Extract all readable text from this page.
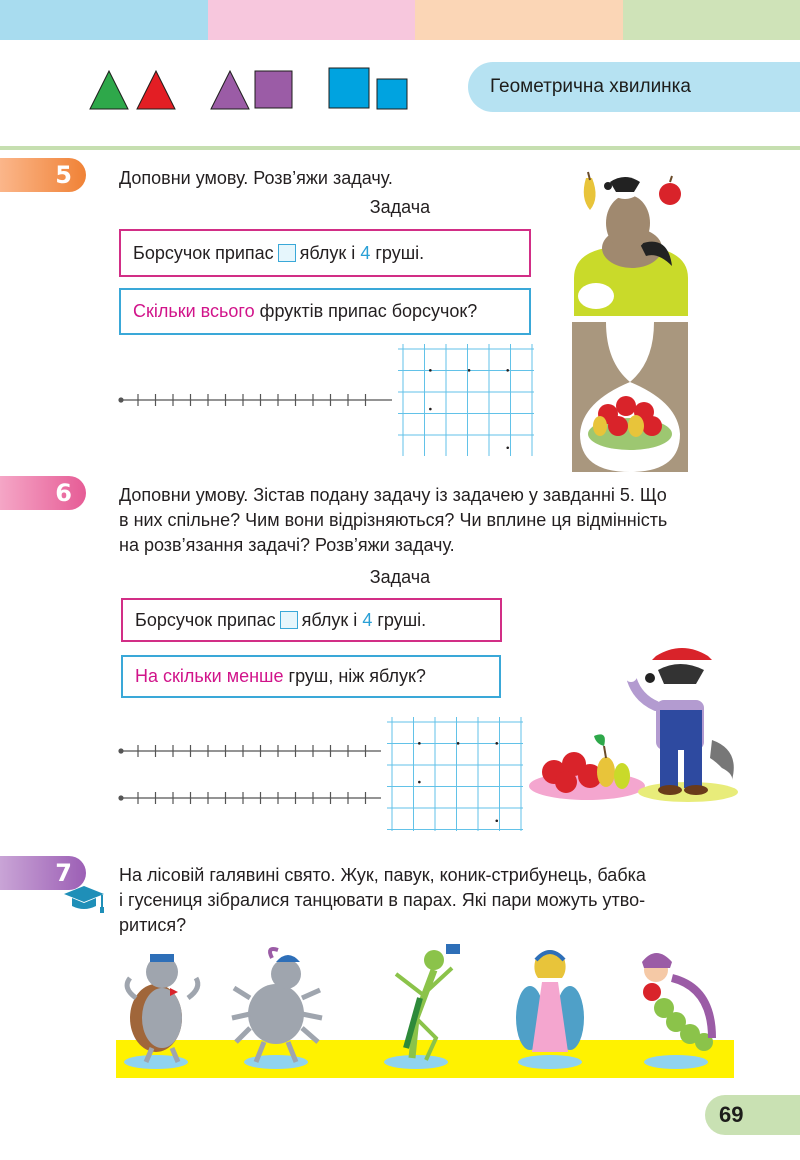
Геометрична хвилинка
5	Доповни умову. Розв’яжи задачу.
Задача
Борсучок припас яблук і
4
груші.
Скільки всього
фруктів припас борсучок?
6	Доповни умову. Зістав подану задачу із задачею у завданні 5. Що
в них спільне? Чим вони відрізняються? Чи вплине ця відмінність
на розв’язання задачі? Розв’яжи задачу.
Задача
Борсучок припас яблук і
4
груші.
На скільки менше
груш, ніж яблук?
7	На лісовій галявині свято. Жук, павук, коник-стрибунець, бабка
і гусениця зібралися танцювати в парах. Які пари можуть утво-
ритися?
69
